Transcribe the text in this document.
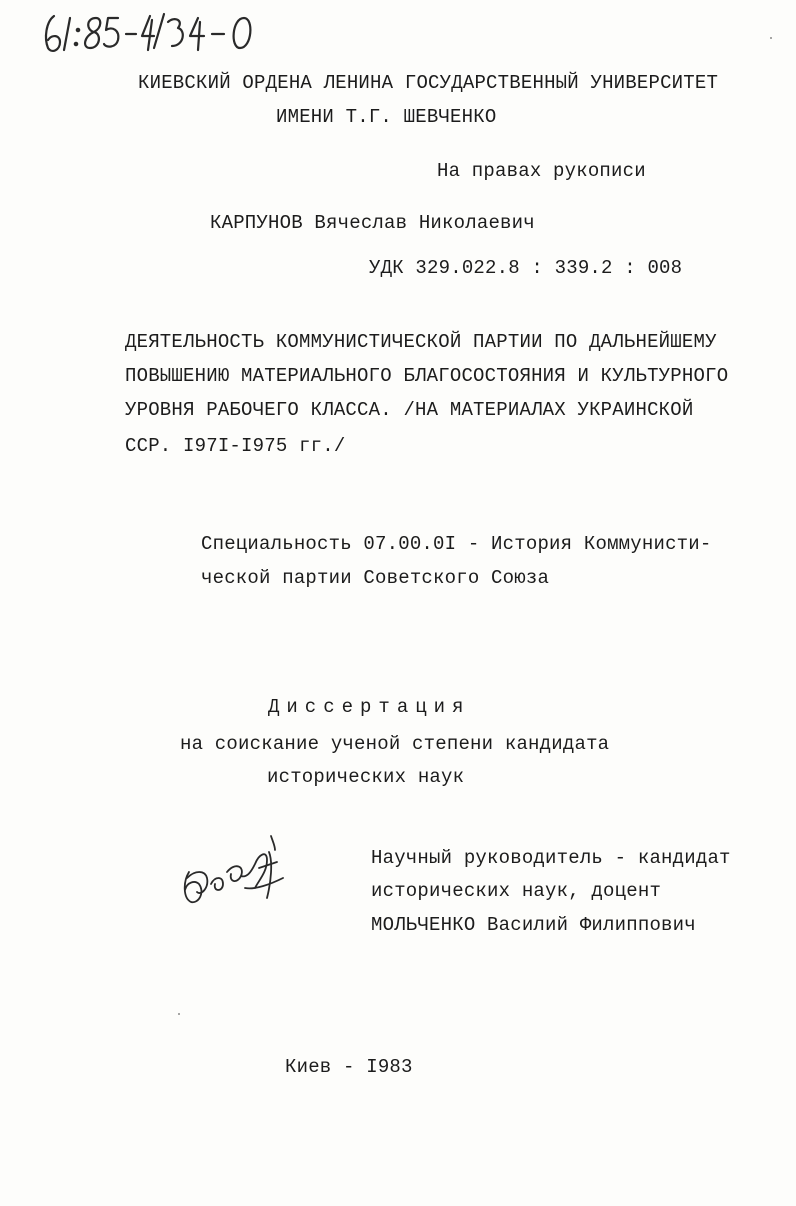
КИЕВСКИЙ ОРДЕНА ЛЕНИНА ГОСУДАРСТВЕННЫЙ УНИВЕРСИТЕТ
ИМЕНИ Т.Г. ШЕВЧЕНКО
На правах рукописи
КАРПУНОВ Вячеслав Николаевич
УДК 329.022.8 : 339.2 : 008
ДЕЯТЕЛЬНОСТЬ КОММУНИСТИЧЕСКОЙ ПАРТИИ ПО ДАЛЬНЕЙШЕМУ
ПОВЫШЕНИЮ МАТЕРИАЛЬНОГО БЛАГОСОСТОЯНИЯ И КУЛЬТУРНОГО
УРОВНЯ РАБОЧЕГО КЛАССА. /НА МАТЕРИАЛАХ УКРАИНСКОЙ
ССР. I97I-I975 гг./
Специальность 07.00.0I - История Коммунисти-
ческой партии Советского Союза
Диссертация
на соискание ученой степени кандидата
исторических наук
Научный руководитель - кандидат
исторических наук, доцент
МОЛЬЧЕНКО Василий Филиппович
Киев - I983
